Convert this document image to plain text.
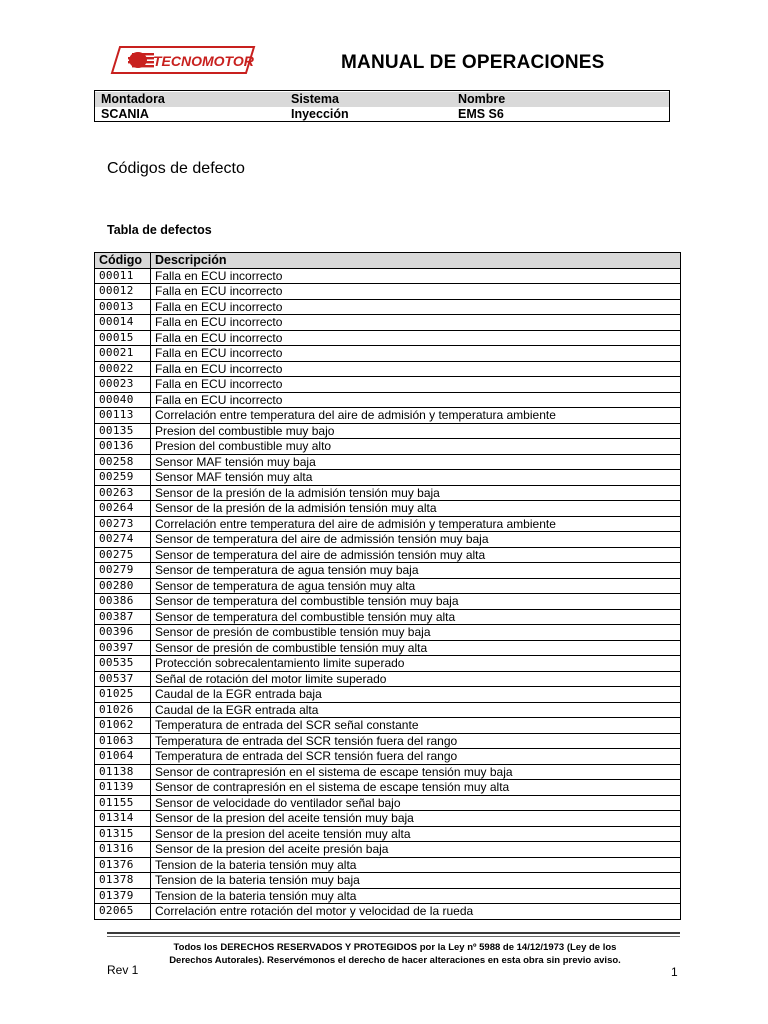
TECNOMOTOR	MANUAL DE OPERACIONES
Montadora	Sistema	Nombre
SCANIA	Inyección	EMS S6
Códigos de defecto
Tabla de defectos
Código	Descripción
00011	Falla en ECU incorrecto
00012	Falla en ECU incorrecto
00013	Falla en ECU incorrecto
00014	Falla en ECU incorrecto
00015	Falla en ECU incorrecto
00021	Falla en ECU incorrecto
00022	Falla en ECU incorrecto
00023	Falla en ECU incorrecto
00040	Falla en ECU incorrecto
00113	Correlación entre temperatura del aire de admisión y temperatura ambiente
00135	Presion del combustible muy bajo
00136	Presion del combustible muy alto
00258	Sensor MAF tensión muy baja
00259	Sensor MAF tensión muy alta
00263	Sensor de la presión de la admisión tensión muy baja
00264	Sensor de la presión de la admisión tensión muy alta
00273	Correlación entre temperatura del aire de admisión y temperatura ambiente
00274	Sensor de temperatura del aire de admissión tensión muy baja
00275	Sensor de temperatura del aire de admissión tensión muy alta
00279	Sensor de temperatura de agua tensión muy baja
00280	Sensor de temperatura de agua tensión muy alta
00386	Sensor de temperatura del combustible tensión muy baja
00387	Sensor de temperatura del combustible tensión muy alta
00396	Sensor de presión de combustible tensión muy baja
00397	Sensor de presión de combustible tensión muy alta
00535	Protección sobrecalentamiento limite superado
00537	Señal de rotación del motor limite superado
01025	Caudal de la EGR entrada baja
01026	Caudal de la EGR entrada alta
01062	Temperatura de entrada del SCR señal constante
01063	Temperatura de entrada del SCR tensión fuera del rango
01064	Temperatura de entrada del SCR tensión fuera del rango
01138	Sensor de contrapresión en el sistema de escape tensión muy baja
01139	Sensor de contrapresión en el sistema de escape tensión muy alta
01155	Sensor de velocidade do ventilador señal bajo
01314	Sensor de la presion del aceite tensión muy baja
01315	Sensor de la presion del aceite tensión muy alta
01316	Sensor de la presion del aceite presión baja
01376	Tension de la bateria tensión muy alta
01378	Tension de la bateria tensión muy baja
01379	Tension de la bateria tensión muy alta
02065	Correlación entre rotación del motor y velocidad de la rueda
Todos los DERECHOS RESERVADOS Y PROTEGIDOS por la Ley nº 5988 de 14/12/1973 (Ley de los
Derechos Autorales). Reservémonos el derecho de hacer alteraciones en esta obra sin previo aviso.
Rev 1	1
